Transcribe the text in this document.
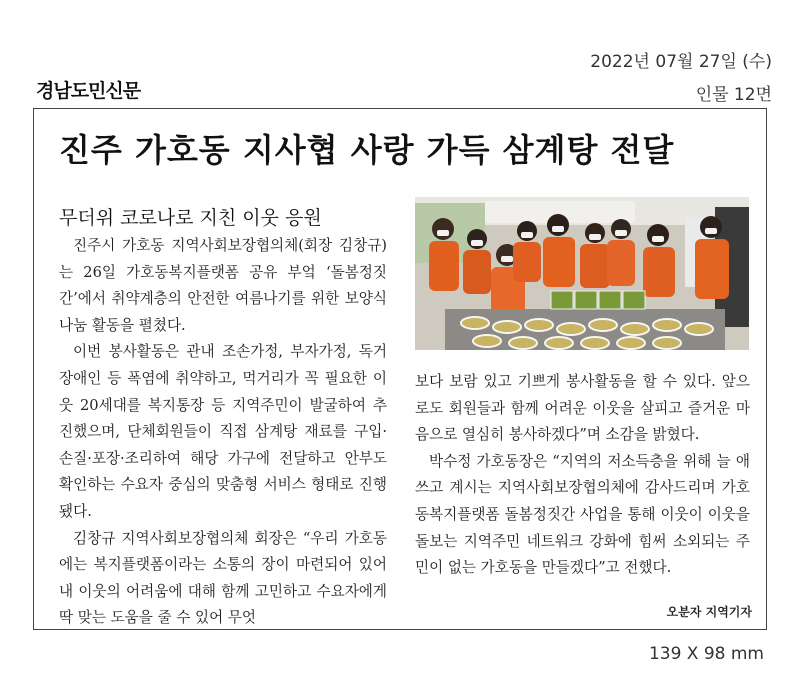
경남도민신문
2022년 07월 27일 (수)
인물 12면
진주 가호동 지사협 사랑 가득 삼계탕 전달
무더위 코로나로 지친 이웃 응원

진주시 가호동 지역사회보장협의체(회장 김창규)는 26일 가호동복지플랫폼 공유 부엌 ‘돌봄정짓간’에서 취약계층의 안전한 여름나기를 위한 보양식 나눔 활동을 펼쳤다.

이번 봉사활동은 관내 조손가정, 부자가정, 독거장애인 등 폭염에 취약하고, 먹거리가 꼭 필요한 이웃 20세대를 복지통장 등 지역주민이 발굴하여 추진했으며, 단체회원들이 직접 삼계탕 재료를 구입·손질·포장·조리하여 해당 가구에 전달하고 안부도 확인하는 수요자 중심의 맞춤형 서비스 형태로 진행됐다.

김창규 지역사회보장협의체 회장은 “우리 가호동에는 복지플랫폼이라는 소통의 장이 마련되어 있어 내 이웃의 어려움에 대해 함께 고민하고 수요자에게 딱 맞는 도움을 줄 수 있어 무엇

보다 보람 있고 기쁘게 봉사활동을 할 수 있다. 앞으로도 회원들과 함께 어려운 이웃을 살피고 즐거운 마음으로 열심히 봉사하겠다”며 소감을 밝혔다.

박수정 가호동장은 “지역의 저소득층을 위해 늘 애쓰고 계시는 지역사회보장협의체에 감사드리며 가호동복지플랫폼 돌봄정짓간 사업을 통해 이웃이 이웃을 돌보는 지역주민 네트워크 강화에 힘써 소외되는 주민이 없는 가호동을 만들겠다”고 전했다.

오분자 지역기자
139 X 98 mm
